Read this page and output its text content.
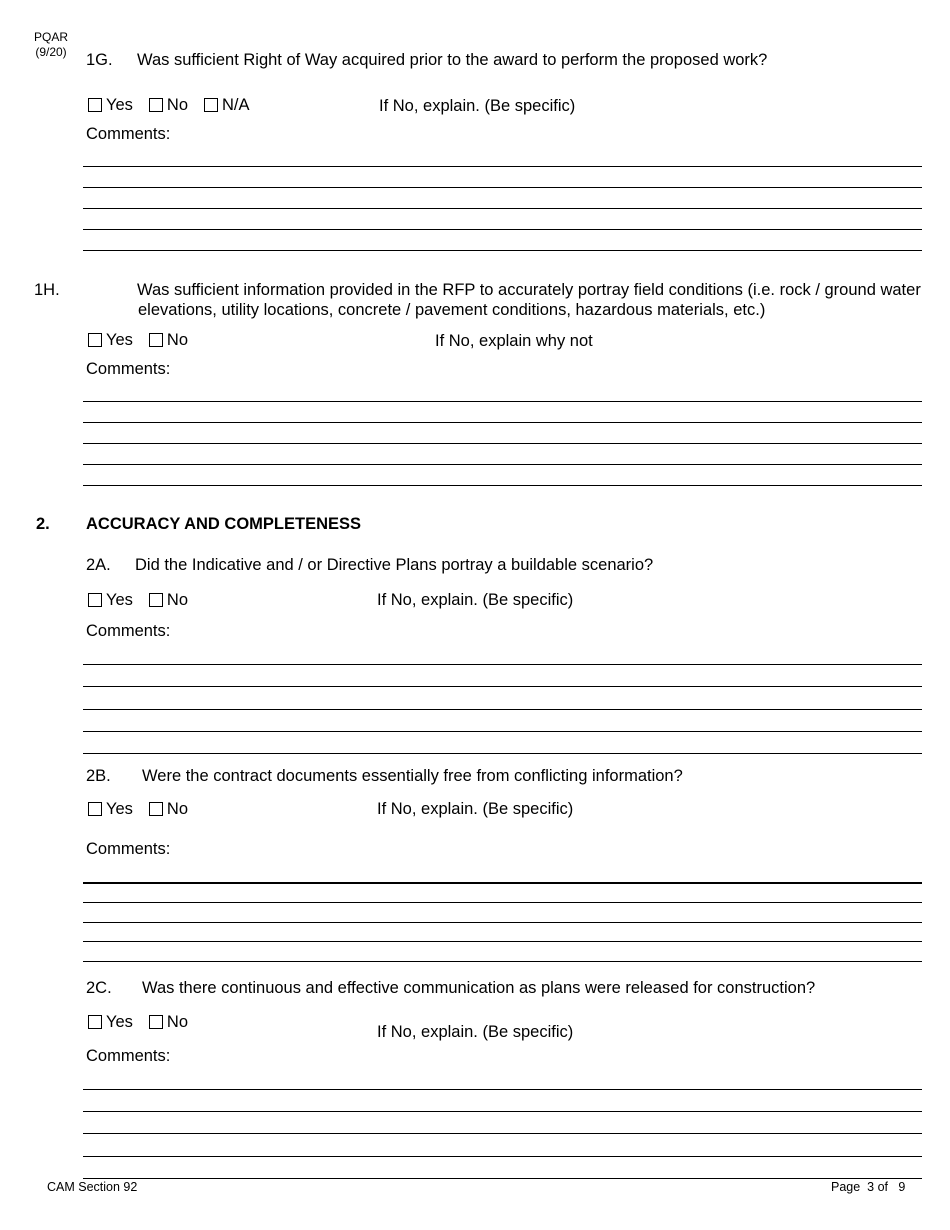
PQAR
(9/20) 1G. Was sufficient Right of Way acquired prior to the award to perform the proposed work?
Yes No N/A	If No, explain. (Be specific)
Comments:
1H.	Was sufficient information provided in the RFP to accurately portray field conditions (i.e. rock / ground water elevations, utility locations, concrete / pavement conditions, hazardous materials, etc.)
Yes No	If No, explain why not
Comments:
2. ACCURACY AND COMPLETENESS
2A. Did the Indicative and / or Directive Plans portray a buildable scenario?
Yes No	If No, explain. (Be specific)
Comments:
2B. Were the contract documents essentially free from conflicting information?
Yes No	If No, explain. (Be specific)
Comments:
2C. Was there continuous and effective communication as plans were released for construction?
Yes No
If No, explain. (Be specific)
Comments:
CAM Section 92	Page  3 of   9
